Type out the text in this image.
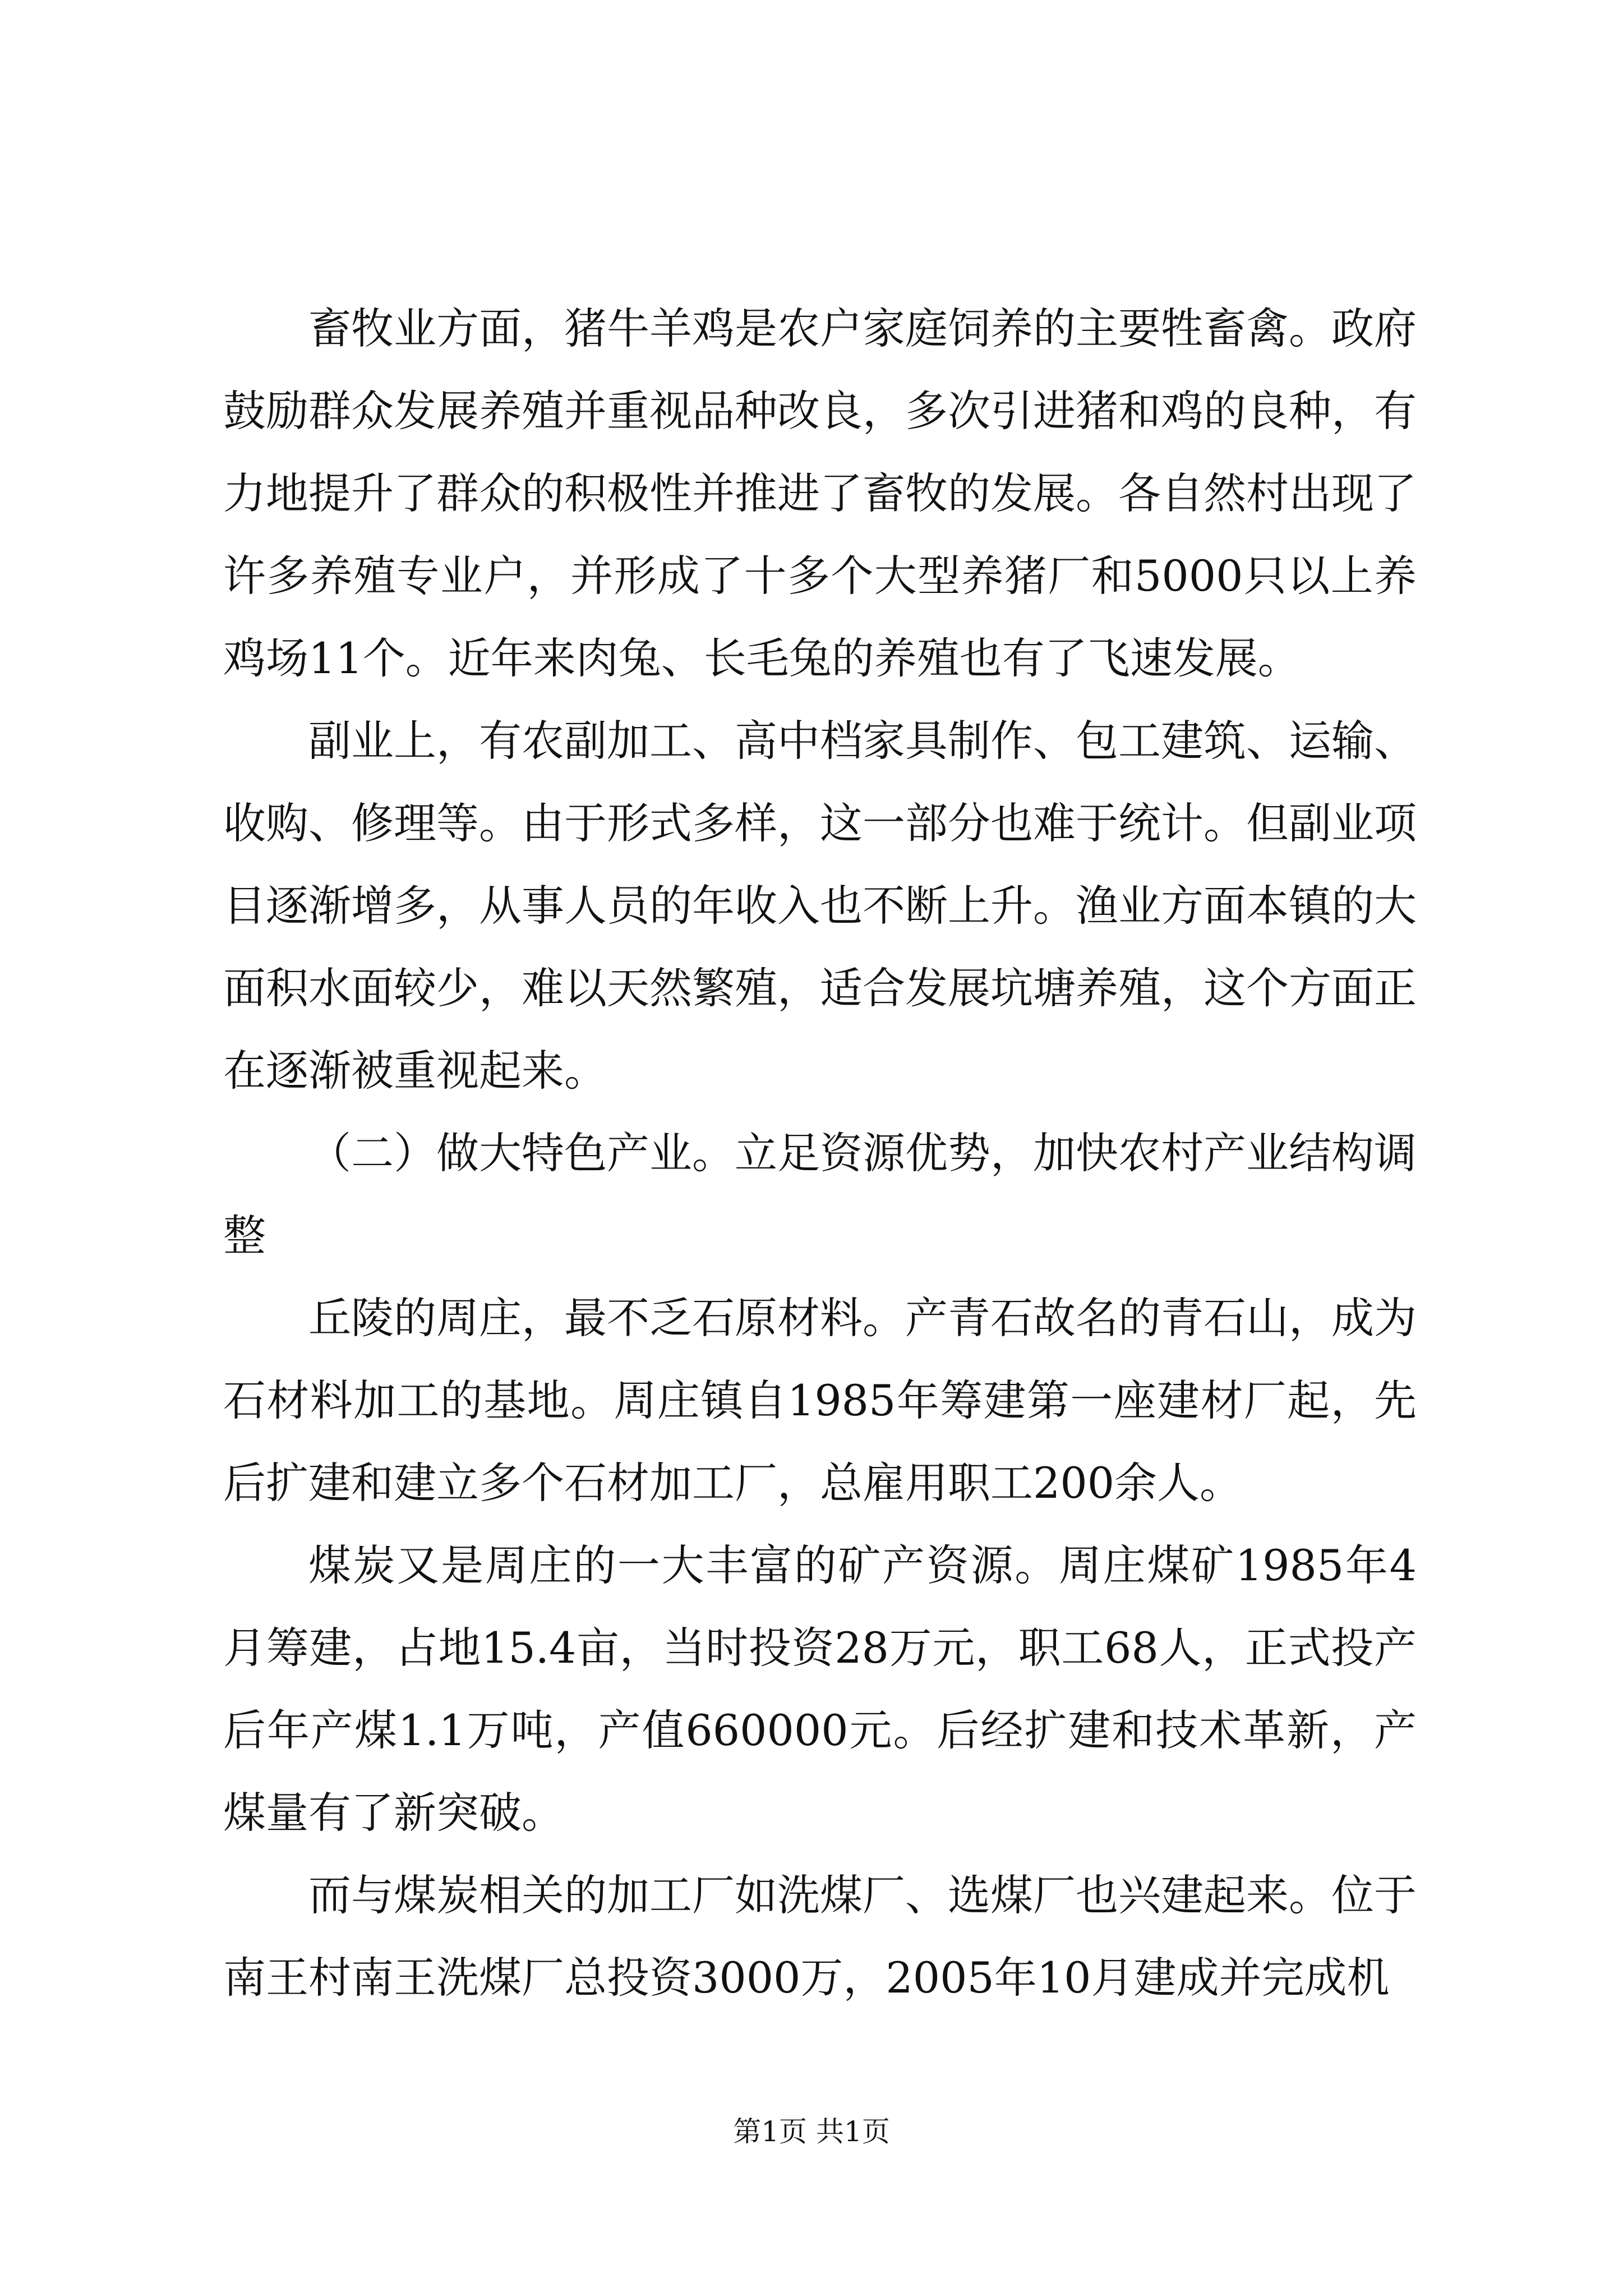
畜牧业方面，猪牛羊鸡是农户家庭饲养的主要牲畜禽。政府鼓励群众发展养殖并重视品种改良，多次引进猪和鸡的良种，有力地提升了群众的积极性并推进了畜牧的发展。各自然村出现了许多养殖专业户，并形成了十多个大型养猪厂和5000只以上养鸡场11个。近年来肉兔、长毛兔的养殖也有了飞速发展。

副业上，有农副加工、高中档家具制作、包工建筑、运输、收购、修理等。由于形式多样，这一部分也难于统计。但副业项目逐渐增多，从事人员的年收入也不断上升。渔业方面本镇的大面积水面较少，难以天然繁殖，适合发展坑塘养殖，这个方面正在逐渐被重视起来。

（二）做大特色产业。立足资源优势，加快农村产业结构调整

丘陵的周庄，最不乏石原材料。产青石故名的青石山，成为石材料加工的基地。周庄镇自1985年筹建第一座建材厂起，先后扩建和建立多个石材加工厂，总雇用职工200余人。

煤炭又是周庄的一大丰富的矿产资源。周庄煤矿1985年4月筹建，占地15.4亩，当时投资28万元，职工68人，正式投产后年产煤1.1万吨，产值660000元。后经扩建和技术革新，产煤量有了新突破。

而与煤炭相关的加工厂如洗煤厂、选煤厂也兴建起来。位于南王村南王洗煤厂总投资3000万，2005年10月建成并完成机

第1页 共1页
